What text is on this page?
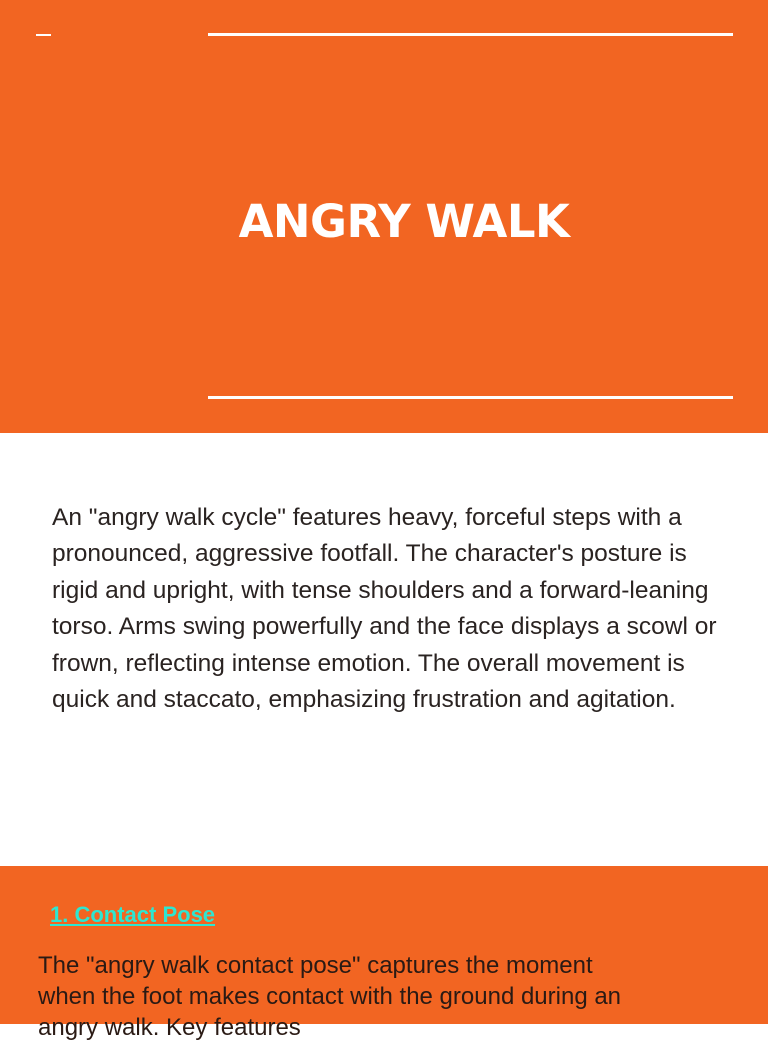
ANGRY WALK

An "angry walk cycle" features heavy, forceful steps with a pronounced, aggressive footfall. The character's posture is rigid and upright, with tense shoulders and a forward-leaning torso. Arms swing powerfully and the face displays a scowl or frown, reflecting intense emotion. The overall movement is quick and staccato, emphasizing frustration and agitation.

1. Contact Pose

The "angry walk contact pose" captures the moment when the foot makes contact with the ground during an angry walk. Key features
